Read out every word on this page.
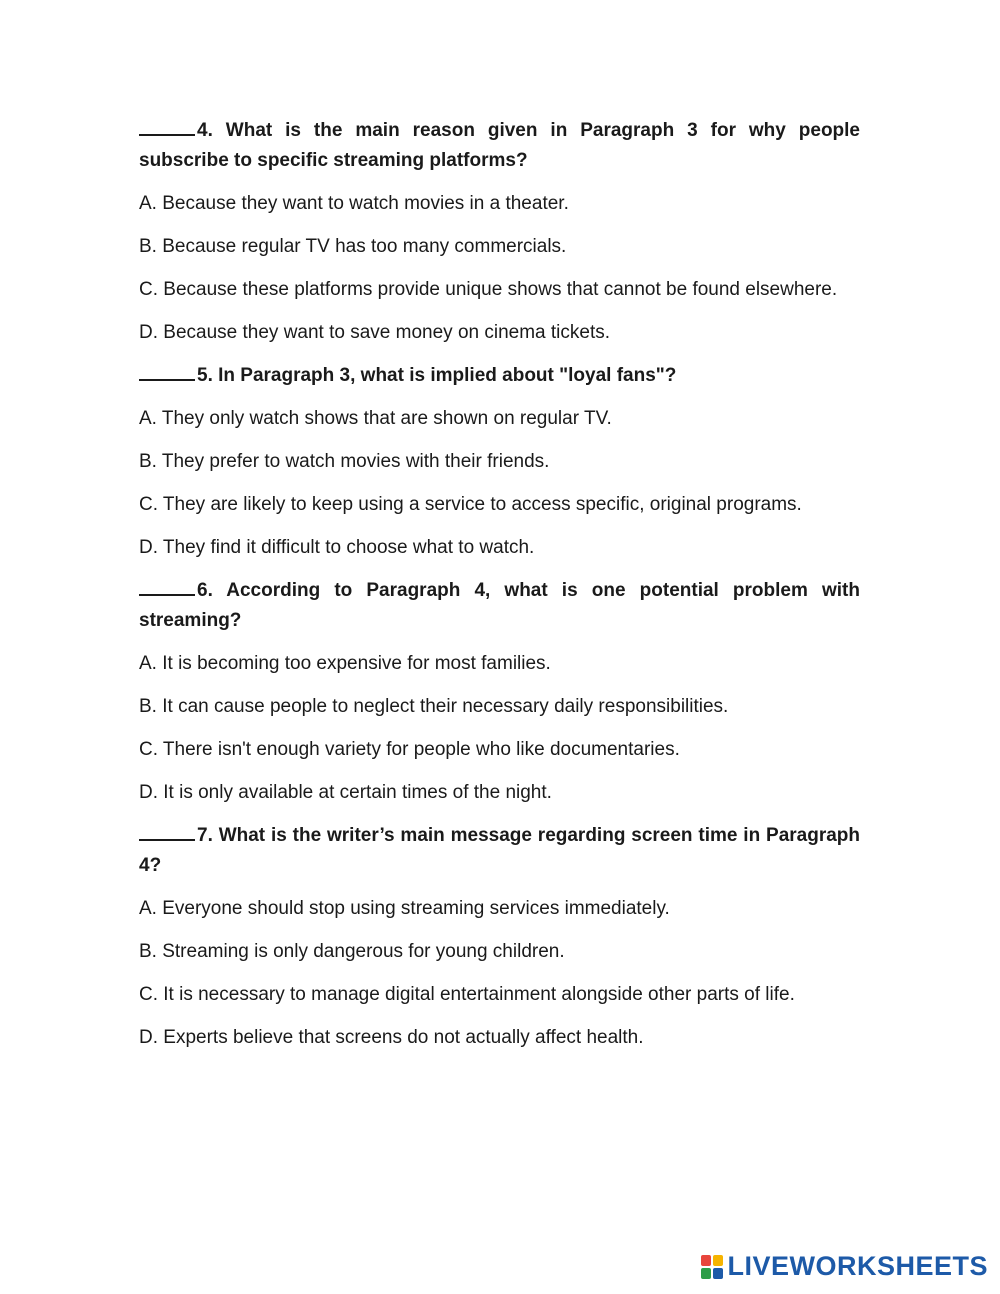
4. What is the main reason given in Paragraph 3 for why people subscribe to specific streaming platforms?

A. Because they want to watch movies in a theater.

B. Because regular TV has too many commercials.

C. Because these platforms provide unique shows that cannot be found elsewhere.

D. Because they want to save money on cinema tickets.

5. In Paragraph 3, what is implied about "loyal fans"?

A. They only watch shows that are shown on regular TV.

B. They prefer to watch movies with their friends.

C. They are likely to keep using a service to access specific, original programs.

D. They find it difficult to choose what to watch.

6. According to Paragraph 4, what is one potential problem with streaming?

A. It is becoming too expensive for most families.

B. It can cause people to neglect their necessary daily responsibilities.

C. There isn't enough variety for people who like documentaries.

D. It is only available at certain times of the night.

7. What is the writer’s main message regarding screen time in Paragraph 4?

A. Everyone should stop using streaming services immediately.

B. Streaming is only dangerous for young children.

C. It is necessary to manage digital entertainment alongside other parts of life.

D. Experts believe that screens do not actually affect health.

LIVEWORKSHEETS
